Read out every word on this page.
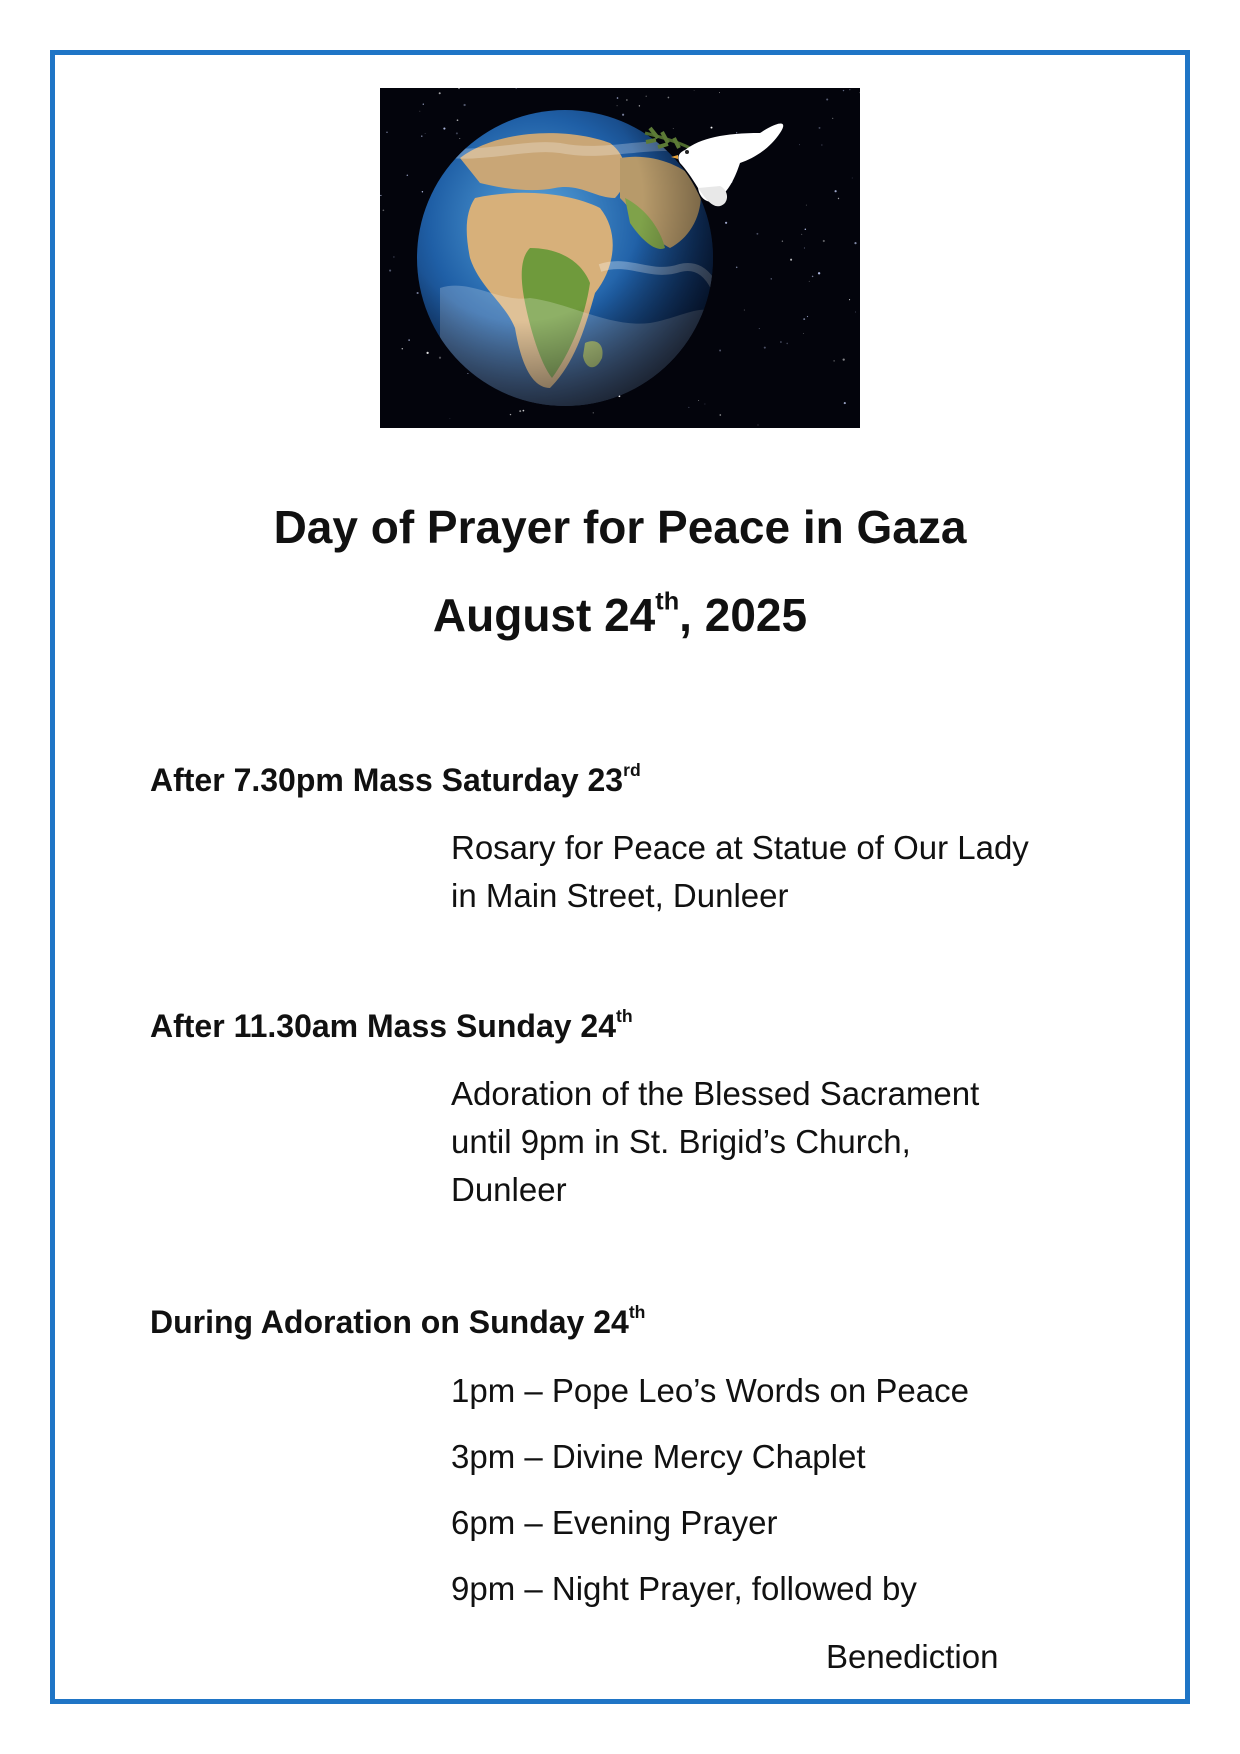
Day of Prayer for Peace in Gaza
August 24th, 2025
After 7.30pm Mass Saturday 23rd
Rosary for Peace at Statue of Our Lady
in Main Street, Dunleer
After 11.30am Mass Sunday 24th
Adoration of the Blessed Sacrament
until 9pm in St. Brigid’s Church,
Dunleer
During Adoration on Sunday 24th
1pm – Pope Leo’s Words on Peace
3pm – Divine Mercy Chaplet
6pm – Evening Prayer
9pm – Night Prayer, followed by
Benediction
